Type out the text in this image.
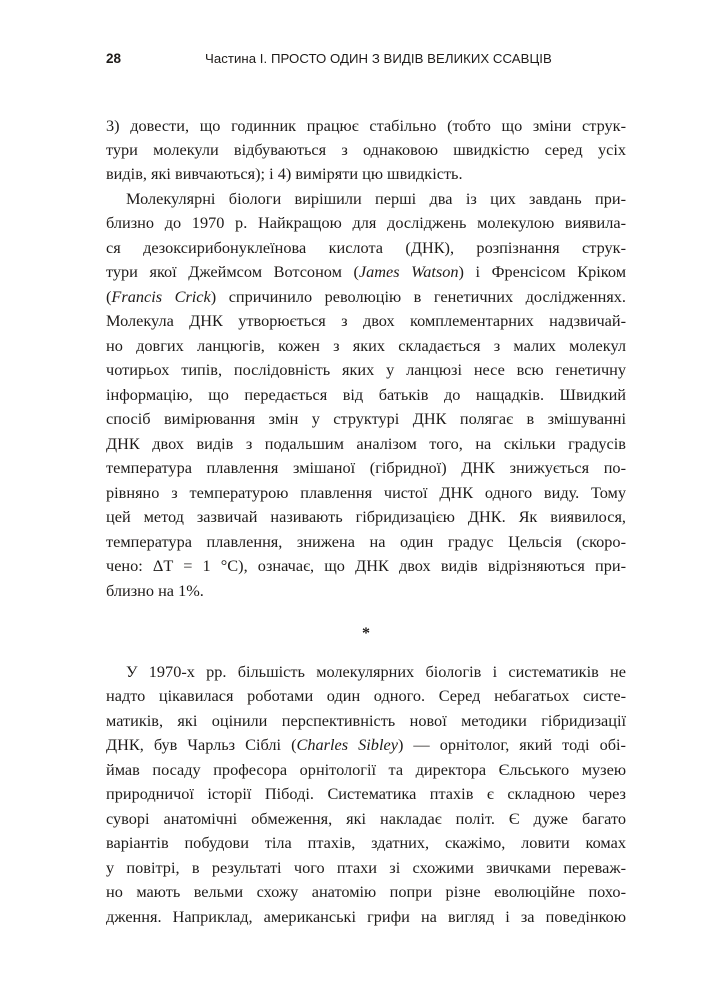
28	Частина І. ПРОСТО ОДИН З ВИДІВ ВЕЛИКИХ ССАВЦІВ
3) довести, що годинник працює стабільно (тобто що зміни струк-
тури молекули відбуваються з однаковою швидкістю серед усіх
видів, які вивчаються); і 4) виміряти цю швидкість.
Молекулярні біологи вирішили перші два із цих завдань при-
близно до 1970 р. Найкращою для досліджень молекулою виявила-
ся дезоксирибонуклеїнова кислота (ДНК), розпізнання струк-
тури якої Джеймсом Вотсоном (James Watson) і Френсісом Кріком
(Francis Crick) спричинило революцію в генетичних дослідженнях.
Молекула ДНК утворюється з двох комплементарних надзвичай-
но довгих ланцюгів, кожен з яких складається з малих молекул
чотирьох типів, послідовність яких у ланцюзі несе всю генетичну
інформацію, що передається від батьків до нащадків. Швидкий
спосіб вимірювання змін у структурі ДНК полягає в змішуванні
ДНК двох видів з подальшим аналізом того, на скільки градусів
температура плавлення змішаної (гібридної) ДНК знижується по-
рівняно з температурою плавлення чистої ДНК одного виду. Тому
цей метод зазвичай називають гібридизацією ДНК. Як виявилося,
температура плавлення, знижена на один градус Цельсія (скоро-
чено: ΔT = 1 °C), означає, що ДНК двох видів відрізняються при-
близно на 1%.
*
У 1970-х рр. більшість молекулярних біологів і систематиків не
надто цікавилася роботами один одного. Серед небагатьох систе-
матиків, які оцінили перспективність нової методики гібридизації
ДНК, був Чарльз Сіблі (Charles Sibley) — орнітолог, який тоді обі-
ймав посаду професора орнітології та директора Єльського музею
природничої історії Пібоді. Систематика птахів є складною через
суворі анатомічні обмеження, які накладає політ. Є дуже багато
варіантів побудови тіла птахів, здатних, скажімо, ловити комах
у повітрі, в результаті чого птахи зі схожими звичками переваж-
но мають вельми схожу анатомію попри різне еволюційне похо-
дження. Наприклад, американські грифи на вигляд і за поведінкою
